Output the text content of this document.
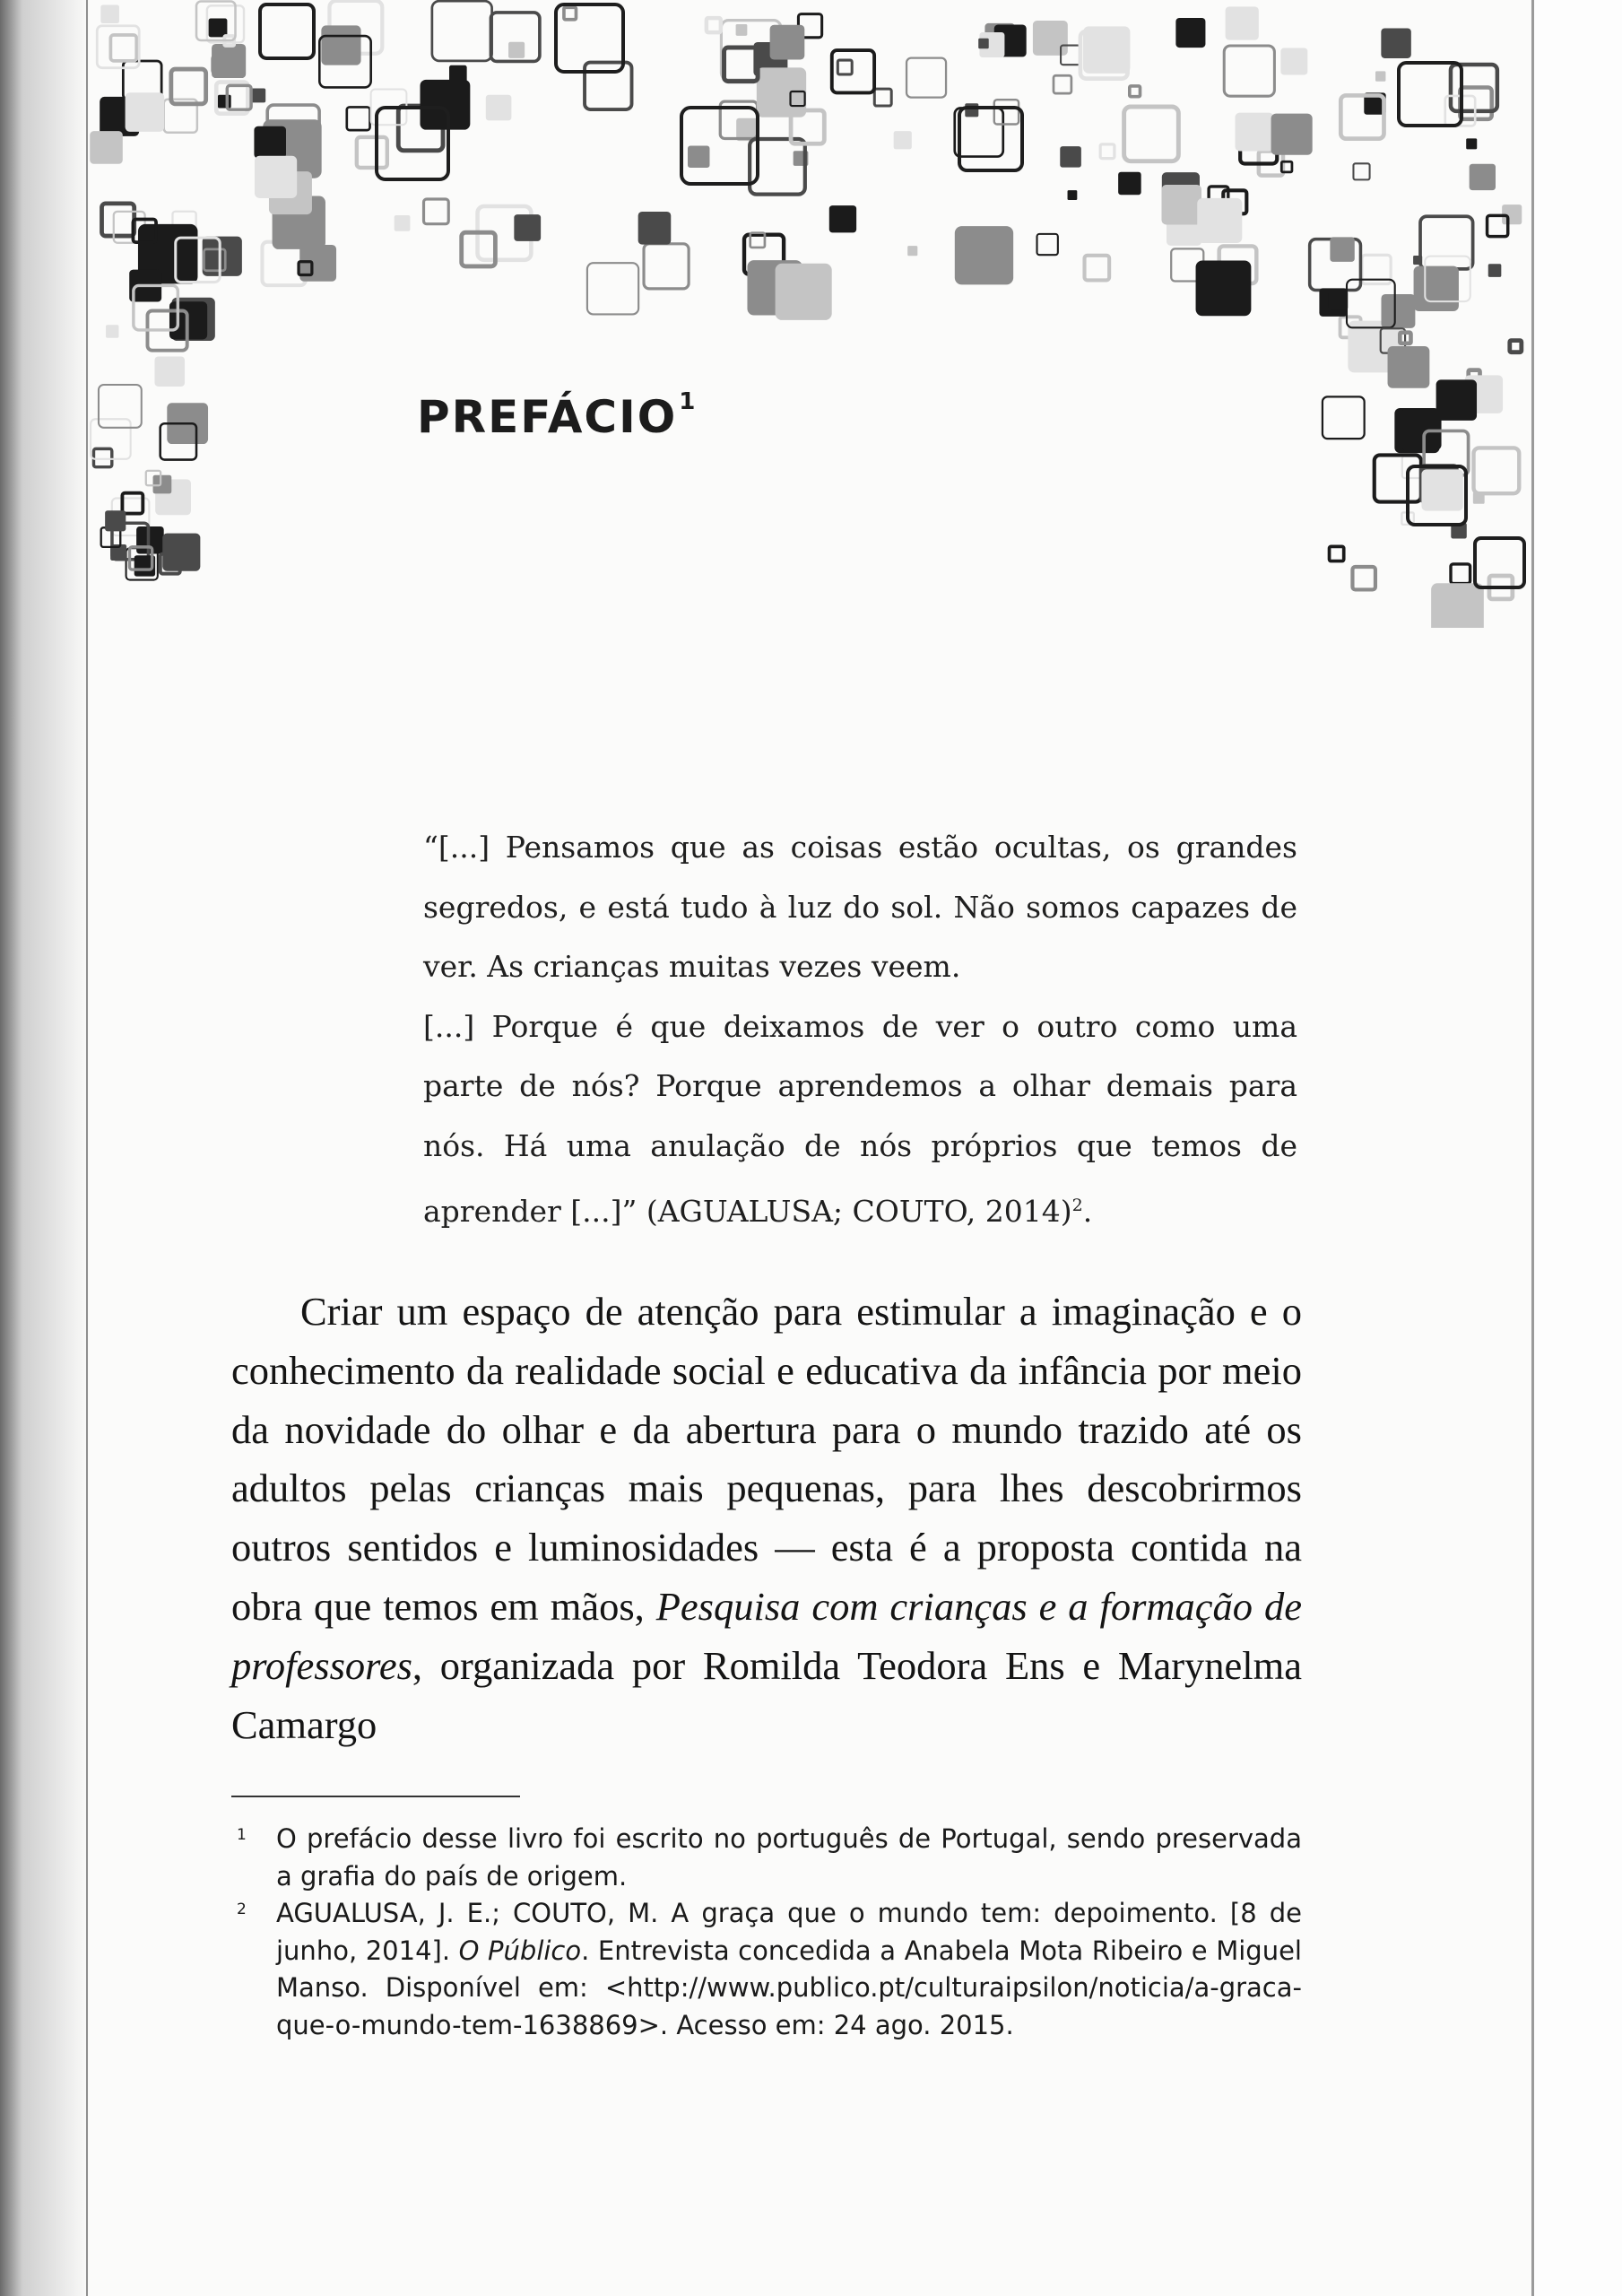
PREFÁCIO$^1$

“[...] Pensamos que as coisas estão ocultas, os grandes segredos, e está tudo à luz do sol. Não somos capazes de ver. As crianças muitas vezes veem.

[...] Porque é que deixamos de ver o outro como uma parte de nós? Porque aprendemos a olhar demais para nós. Há uma anulação de nós próprios que temos de aprender [...]” (AGUALUSA; COUTO, 2014)$^2$.

Criar um espaço de atenção para estimular a imaginação e o conhecimento da realidade social e educativa da infância por meio da novidade do olhar e da abertura para o mundo trazido até os adultos pelas crianças mais pequenas, para lhes descobrirmos outros sentidos e luminosidades — esta é a proposta contida na obra que temos em mãos, Pesquisa com crianças e a formação de professores, organizada por Romilda Teodora Ens e Marynelma Camargo

1 O prefácio desse livro foi escrito no português de Portugal, sendo preservada a grafia do país de origem.

2 AGUALUSA, J. E.; COUTO, M. A graça que o mundo tem: depoimento. [8 de junho, 2014]. O Público. Entrevista concedida a Anabela Mota Ribeiro e Miguel Manso. Disponível em: <http://www.publico.pt/culturaipsilon/noticia/a-graca-que-o-mundo-tem-1638869>. Acesso em: 24 ago. 2015.
